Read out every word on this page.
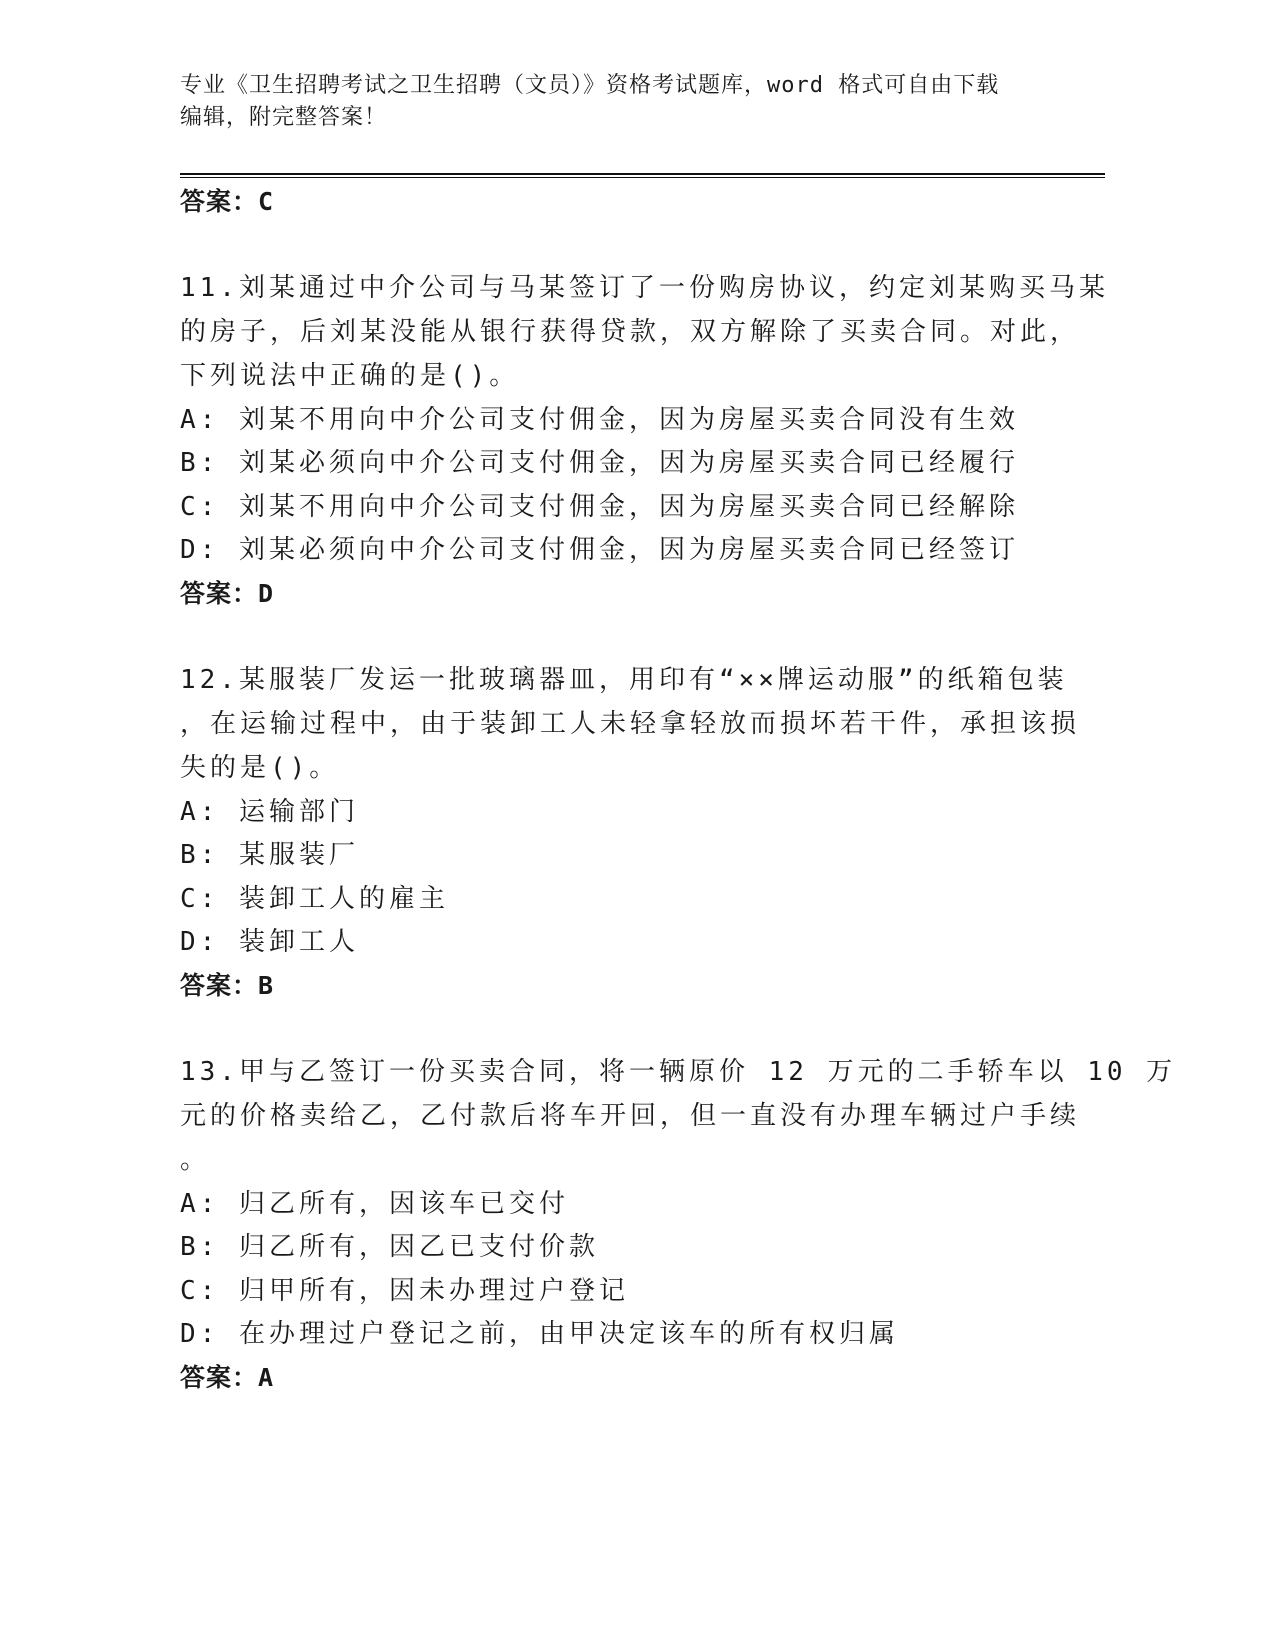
专业《卫生招聘考试之卫生招聘（文员）》资格考试题库，word 格式可自由下载
编辑，附完整答案！
答案：C
11.刘某通过中介公司与马某签订了一份购房协议，约定刘某购买马某
的房子，后刘某没能从银行获得贷款，双方解除了买卖合同。对此，
下列说法中正确的是()。
A: 刘某不用向中介公司支付佣金，因为房屋买卖合同没有生效
B: 刘某必须向中介公司支付佣金，因为房屋买卖合同已经履行
C: 刘某不用向中介公司支付佣金，因为房屋买卖合同已经解除
D: 刘某必须向中介公司支付佣金，因为房屋买卖合同已经签订
答案：D
12.某服装厂发运一批玻璃器皿，用印有“××牌运动服”的纸箱包装
，在运输过程中，由于装卸工人未轻拿轻放而损坏若干件，承担该损
失的是()。
A: 运输部门
B: 某服装厂
C: 装卸工人的雇主
D: 装卸工人
答案：B
13.甲与乙签订一份买卖合同，将一辆原价 12 万元的二手轿车以 10 万
元的价格卖给乙，乙付款后将车开回，但一直没有办理车辆过户手续
。
A: 归乙所有，因该车已交付
B: 归乙所有，因乙已支付价款
C: 归甲所有，因未办理过户登记
D: 在办理过户登记之前，由甲决定该车的所有权归属
答案：A
